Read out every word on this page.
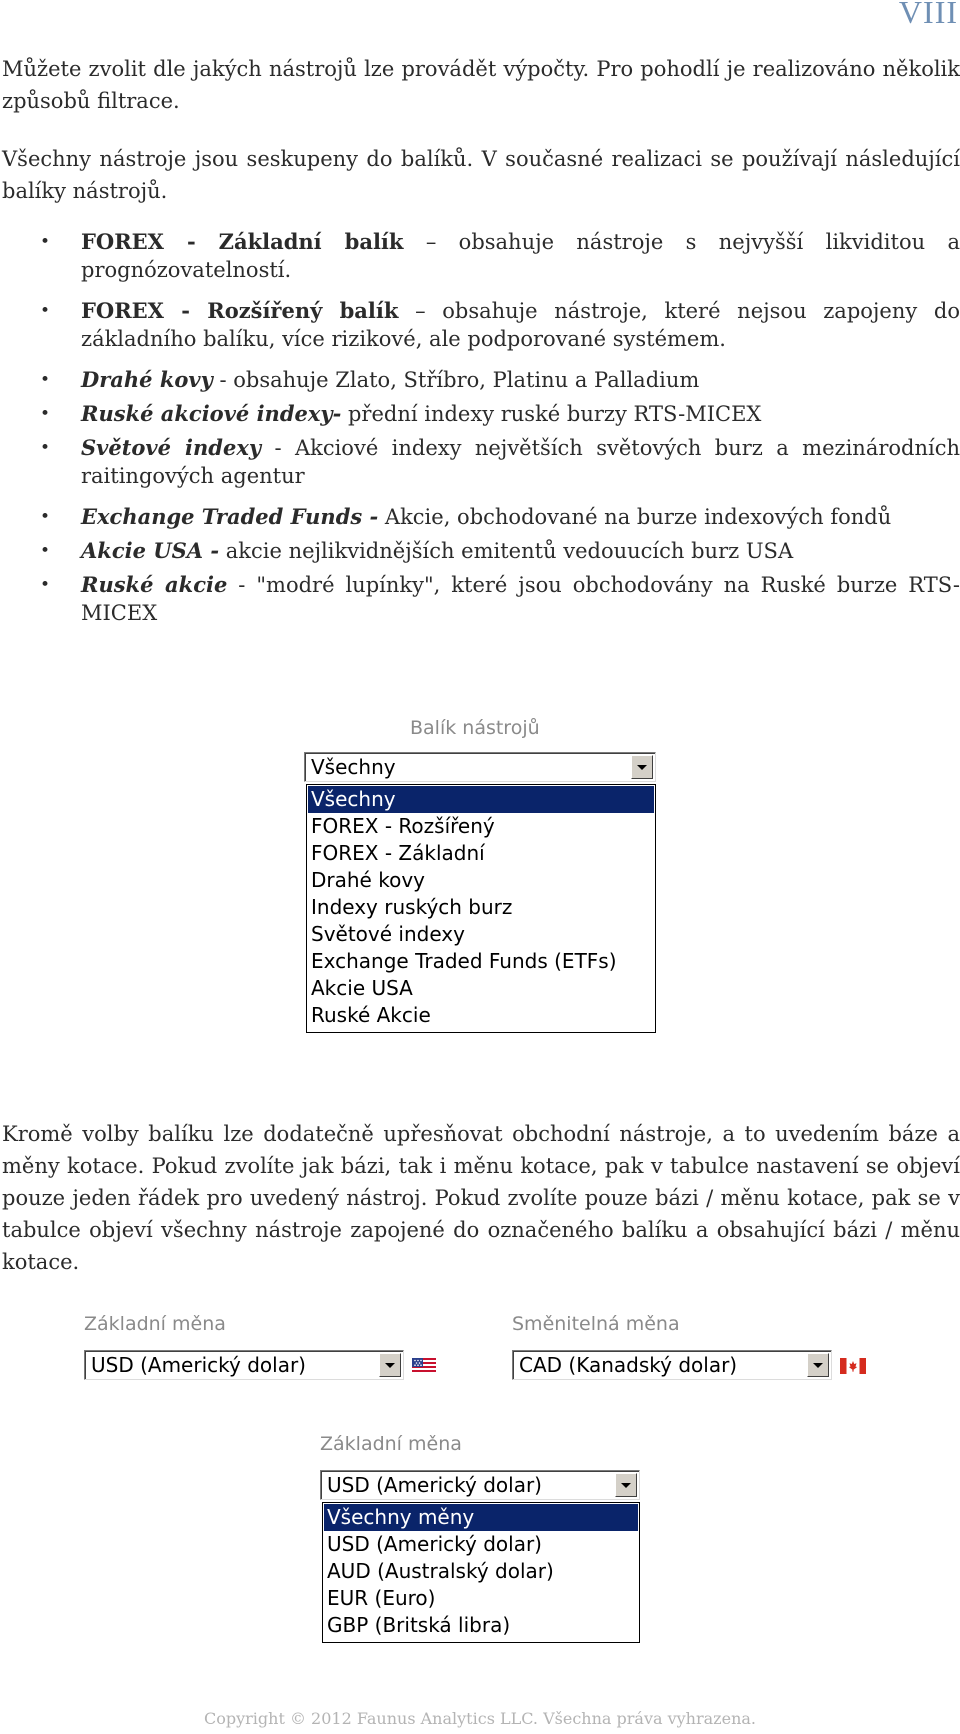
VIII

Můžete zvolit dle jakých nástrojů lze provádět výpočty. Pro pohodlí je realizováno několik způsobů filtrace.

Všechny nástroje jsou seskupeny do balíků. V současné realizaci se používají následující balíky nástrojů.

• FOREX - Základní balík – obsahuje nástroje s nejvyšší likviditou a prognózovatelností.
• FOREX - Rozšířený balík – obsahuje nástroje, které nejsou zapojeny do základního balíku, více rizikové, ale podporované systémem.
• Drahé kovy - obsahuje Zlato, Stříbro, Platinu a Palladium
• Ruské akciové indexy- přední indexy ruské burzy RTS-MICEX
• Světové indexy - Akciové indexy největších světových burz a mezinárodních raitingových agentur
• Exchange Traded Funds - Akcie, obchodované na burze indexových fondů
• Akcie USA - akcie nejlikvidnějších emitentů vedouucích burz USA
• Ruské akcie - "modré lupínky", které jsou obchodovány na Ruské burze RTS-MICEX
Balík nástrojů
Všechny
Všechny
FOREX - Rozšířený
FOREX - Základní
Drahé kovy
Indexy ruských burz
Světové indexy
Exchange Traded Funds (ETFs)
Akcie USA
Ruské Akcie

Kromě volby balíku lze dodatečně upřesňovat obchodní nástroje, a to uvedením báze a měny kotace. Pokud zvolíte jak bázi, tak i měnu kotace, pak v tabulce nastavení se objeví pouze jeden řádek pro uvedený nástroj. Pokud zvolíte pouze bázi / měnu kotace, pak se v tabulce objeví všechny nástroje zapojené do označeného balíku a obsahující bázi / měnu kotace.

Základní měna
USD (Americký dolar)
Směnitelná měna
CAD (Kanadský dolar)
Základní měna
USD (Americký dolar)
Všechny měny
USD (Americký dolar)
AUD (Australský dolar)
EUR (Euro)
GBP (Britská libra)
Copyright © 2012 Faunus Analytics LLC. Všechna práva vyhrazena.
